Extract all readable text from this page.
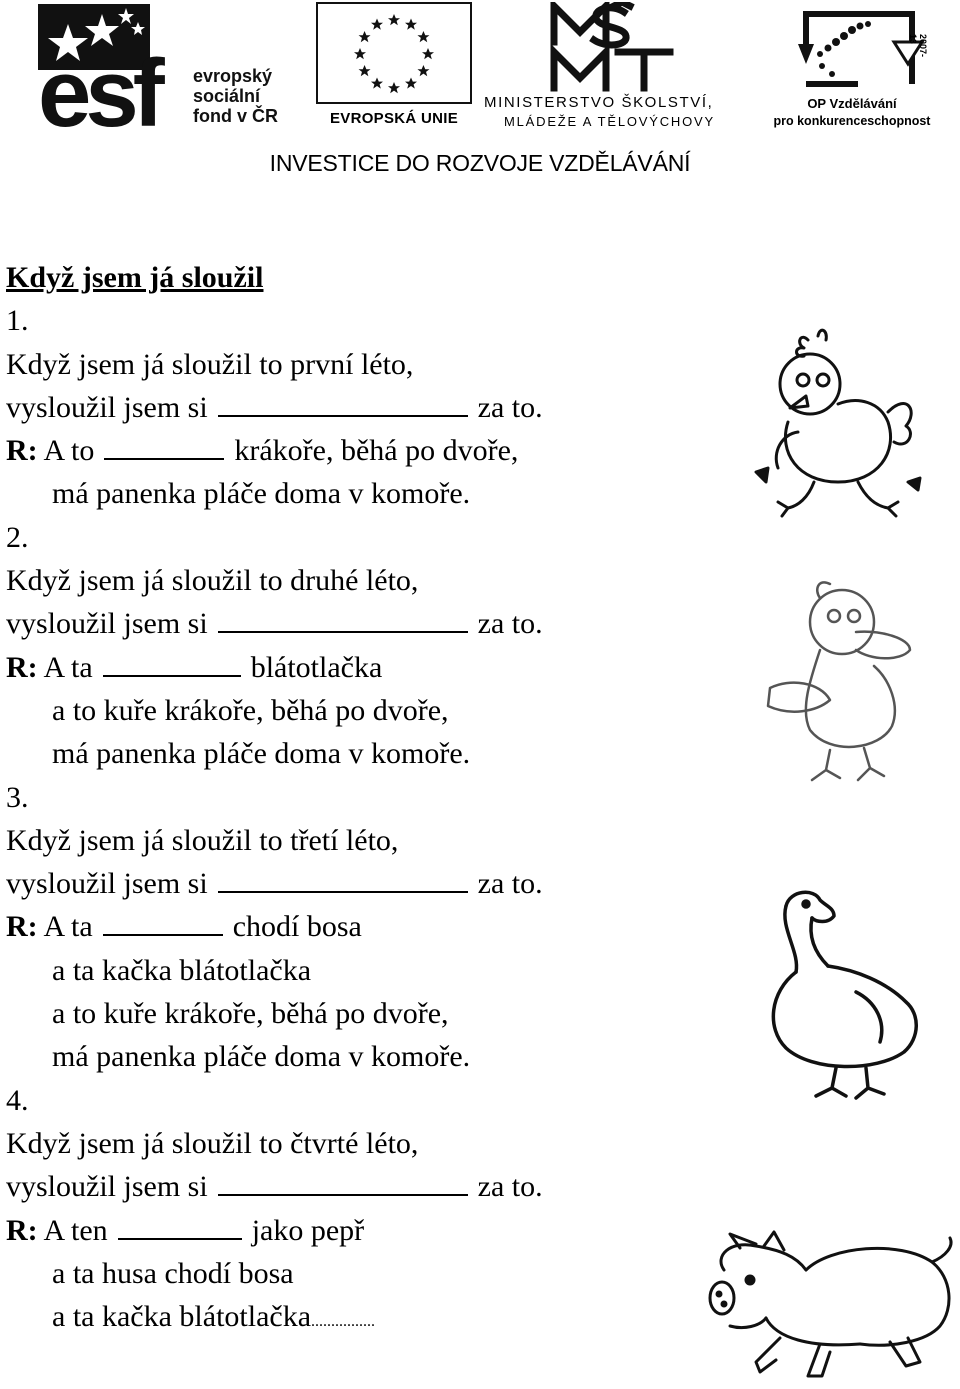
esf	evropský
sociální
fond v ČR	EVROPSKÁ UNIE
MINISTERSTVO ŠKOLSTVÍ,
MLÁDEŽE A TĚLOVÝCHOVY
2007-13
OP Vzdělávání
pro konkurenceschopnost
INVESTICE DO ROZVOJE VZDĚLÁVÁNÍ
Když jsem já sloužil
1.
Když jsem já sloužil to první léto,
vysloužil jsem si	za to.
R: A to	krákoře, běhá po dvoře,
má panenka pláče doma v komoře.
2.
Když jsem já sloužil to druhé léto,
vysloužil jsem si	za to.
R: A ta	blátotlačka
a to kuře krákoře, běhá po dvoře,
má panenka pláče doma v komoře.
3.
Když jsem já sloužil to třetí léto,
vysloužil jsem si	za to.
R: A ta	chodí bosa
a ta kačka blátotlačka
a to kuře krákoře, běhá po dvoře,
má panenka pláče doma v komoře.
4.
Když jsem já sloužil to čtvrté léto,
vysloužil jsem si	za to.
R: A ten	jako pepř
a ta husa chodí bosa
a ta kačka blátotlačka................
